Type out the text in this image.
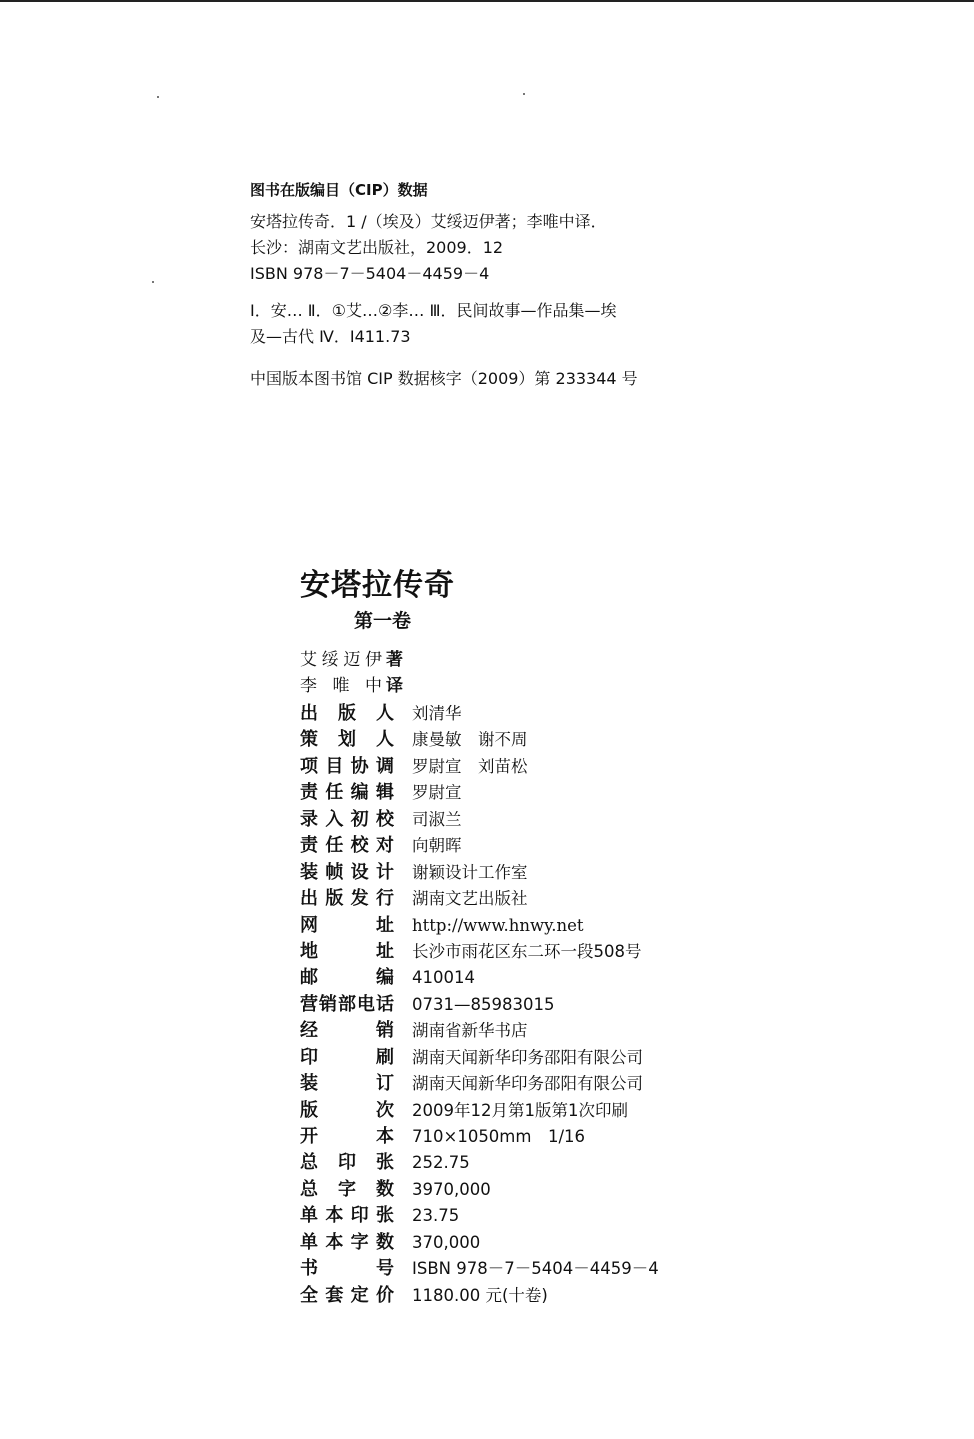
图书在版编目（CIP）数据
安塔拉传奇．1 /（埃及）艾绥迈伊著；李唯中译．
长沙：湖南文艺出版社，2009．12
ISBN 978－7－5404－4459－4
Ⅰ．安… Ⅱ．①艾…②李… Ⅲ．民间故事—作品集—埃
及—古代 Ⅳ．I411.73
中国版本图书馆 CIP 数据核字（2009）第 233344 号
安塔拉传奇
第一卷
艾 绥 迈 伊 著
李 唯 中 译
出版人 刘清华
策划人 康曼敏　谢不周
项目协调 罗尉宣　刘苗松
责任编辑 罗尉宣
录入初校 司淑兰
责任校对 向朝晖
装帧设计 谢颖设计工作室
出版发行 湖南文艺出版社
网址 http://www.hnwy.net
地址 长沙市雨花区东二环一段508号
邮编 410014
营销部电话 0731—85983015
经销 湖南省新华书店
印刷 湖南天闻新华印务邵阳有限公司
装订 湖南天闻新华印务邵阳有限公司
版次 2009年12月第1版第1次印刷
开本 710×1050mm　1/16
总印张 252.75
总字数 3970,000
单本印张 23.75
单本字数 370,000
书号 ISBN 978－7－5404－4459－4
全套定价 1180.00 元(十卷)
